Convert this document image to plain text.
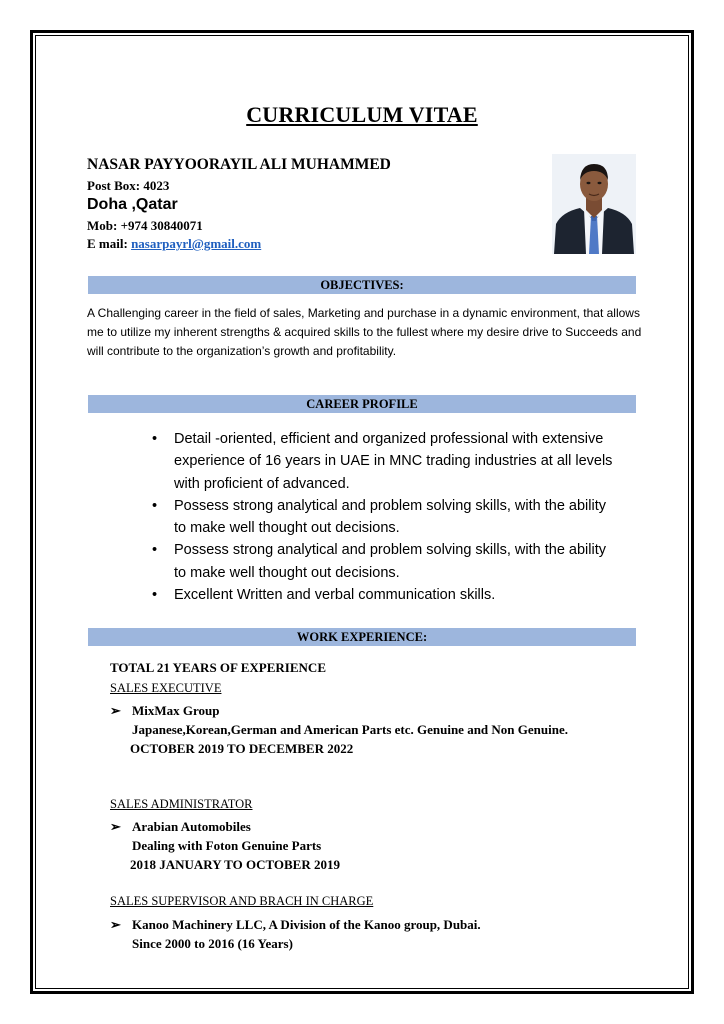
CURRICULUM VITAE
NASAR PAYYOORAYIL ALI MUHAMMED
Post Box: 4023
Doha ,Qatar
Mob: +974 30840071
E mail: nasarpayrl@gmail.com
OBJECTIVES:
A Challenging career in the field of sales, Marketing and purchase in a dynamic environment, that allows me to utilize my inherent strengths & acquired skills to the fullest where my desire drive to Succeeds and will contribute to the organization’s growth and profitability.
CAREER PROFILE
• Detail -oriented, efficient and organized professional with extensive experience of 16 years in UAE in MNC trading industries at all levels with proficient of advanced.
• Possess strong analytical and problem solving skills, with the ability to make well thought out decisions.
• Possess strong analytical and problem solving skills, with the ability to make well thought out decisions.
• Excellent Written and verbal communication skills.
WORK EXPERIENCE:
TOTAL 21 YEARS OF EXPERIENCE
SALES EXECUTIVE
➢ MixMax Group
Japanese,Korean,German and American Parts etc. Genuine and Non Genuine.
OCTOBER 2019 TO DECEMBER 2022
SALES ADMINISTRATOR
➢ Arabian Automobiles
Dealing with Foton Genuine Parts
2018 JANUARY TO OCTOBER 2019
SALES SUPERVISOR AND BRACH IN CHARGE
➢ Kanoo Machinery LLC, A Division of the Kanoo group, Dubai.
Since 2000 to 2016 (16 Years)
